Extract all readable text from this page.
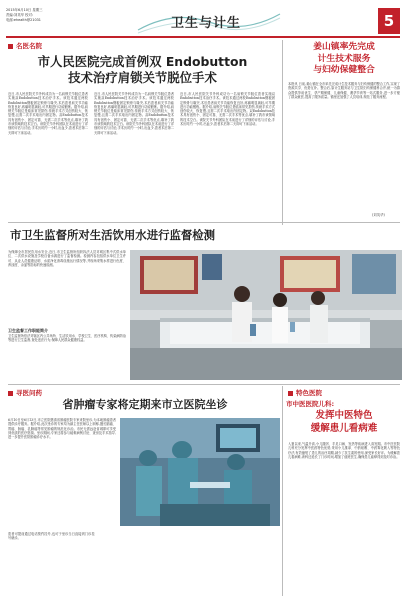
2015年6月10日 星期三
责编:刘英华 校对:
电邮:ehealth@21031	卫生与计生	5
名医名院
市人民医院完成首例双 Endobutton
技术治疗肩锁关节脱位手术
近日,市人民医院关节外科成功为一名肩锁关节脱位患者实施双Endobutton技术治疗手术。该技术通过两枚Endobutton钢板固定锁骨与喙突,术后患者肩关节功能恢复良好,疼痛明显减轻,可早期进行功能锻炼。据介绍,肩锁关节脱位是临床常见损伤,传统手术方式创伤较大、恢复慢,且需二次手术取出内固定物。双Endobutton技术具有创伤小、固定可靠、无需二次手术等优点,填补了我市该领域的技术空白。该院关节外科团队在术前进行了详细的评估与讨论,手术历时约一小时,出血少,患者术后第二天即可下床活动。
近日,市人民医院关节外科成功为一名肩锁关节脱位患者实施双Endobutton技术治疗手术。该技术通过两枚Endobutton钢板固定锁骨与喙突,术后患者肩关节功能恢复良好,疼痛明显减轻,可早期进行功能锻炼。据介绍,肩锁关节脱位是临床常见损伤,传统手术方式创伤较大、恢复慢,且需二次手术取出内固定物。双Endobutton技术具有创伤小、固定可靠、无需二次手术等优点,填补了我市该领域的技术空白。该院关节外科团队在术前进行了详细的评估与讨论,手术历时约一小时,出血少,患者术后第二天即可下床活动。
近日,市人民医院关节外科成功为一名肩锁关节脱位患者实施双Endobutton技术治疗手术。该技术通过两枚Endobutton钢板固定锁骨与喙突,术后患者肩关节功能恢复良好,疼痛明显减轻,可早期进行功能锻炼。据介绍,肩锁关节脱位是临床常见损伤,传统手术方式创伤较大、恢复慢,且需二次手术取出内固定物。双Endobutton技术具有创伤小、固定可靠、无需二次手术等优点,填补了我市该领域的技术空白。该院关节外科团队在术前进行了详细的评估与讨论,手术历时约一小时,出血少,患者术后第二天即可下床活动。
姜山镇率先完成
计生技术服务
与妇幼保健整合
本报讯 日前,姜山镇在全市率先完成计生技术服务与妇幼保健的整合工作,实现了资源共享、优势互补。整合后,原计生服务站与卫生院妇幼保健科合并,统一为群众提供孕前优生、孕产期保健、儿童保健、避孕节育等一站式服务,进一步方便了群众就医,提高了服务质量。镇里还加强了人员培训,规范了服务流程。
(刘英华)
市卫生监督所对生活饮用水进行监督检测
为保障全市居民饮用水安全,近日,市卫生监督所组织执法人员对城区集中式供水单位、二次供水设施及学校自备水源进行了监督检测。检测内容包括供水单位卫生许可、从业人员健康证明、水质净化消毒设施运行情况等,并现场采集水样进行色度、浑浊度、余氯等指标的快速检测。
卫生监督工作职能简介
卫生监督所依法对辖区内公共场所、生活饮用水、学校卫生、医疗机构、传染病防治等进行卫生监督,查处违法行为,保障人民群众健康权益。
寻医问药	特色医院
省肿瘤专家将定期来市立医院坐诊
6月10日至6月13日,市立医院邀请省肿瘤医院专家来院坐诊,为本地肿瘤患者提供诊疗服务。据介绍,此次坐诊的专家均为副主任医师以上职称,擅长肺癌、胃癌、肠癌、乳腺癌等常见肿瘤的规范化诊治。市民无需远赴省城即可享受到优质的医疗资源。坐诊期间,专家还将参与疑难病例讨论、查房及手术指导,进一步提升医院肿瘤诊疗水平。
患者可提前通过电话预约挂号,也可于坐诊当日直接到门诊挂号就诊。
市中医医院儿科:
发挥中医特色
缓解患儿看病难
入夏以来,气温升高,小儿腹泻、手足口病、发热等疾病进入高发期。市中医医院儿科充分发挥中医药特色优势,采用小儿推拿、中药贴敷、中药雾化吸入等特色疗法,有效缩短了患儿的治疗周期,减少了抗生素的使用,深受家长好评。为缓解患儿看病难,该科还延长了门诊时间,增加了值班医生,确保患儿能够得到及时诊治。
